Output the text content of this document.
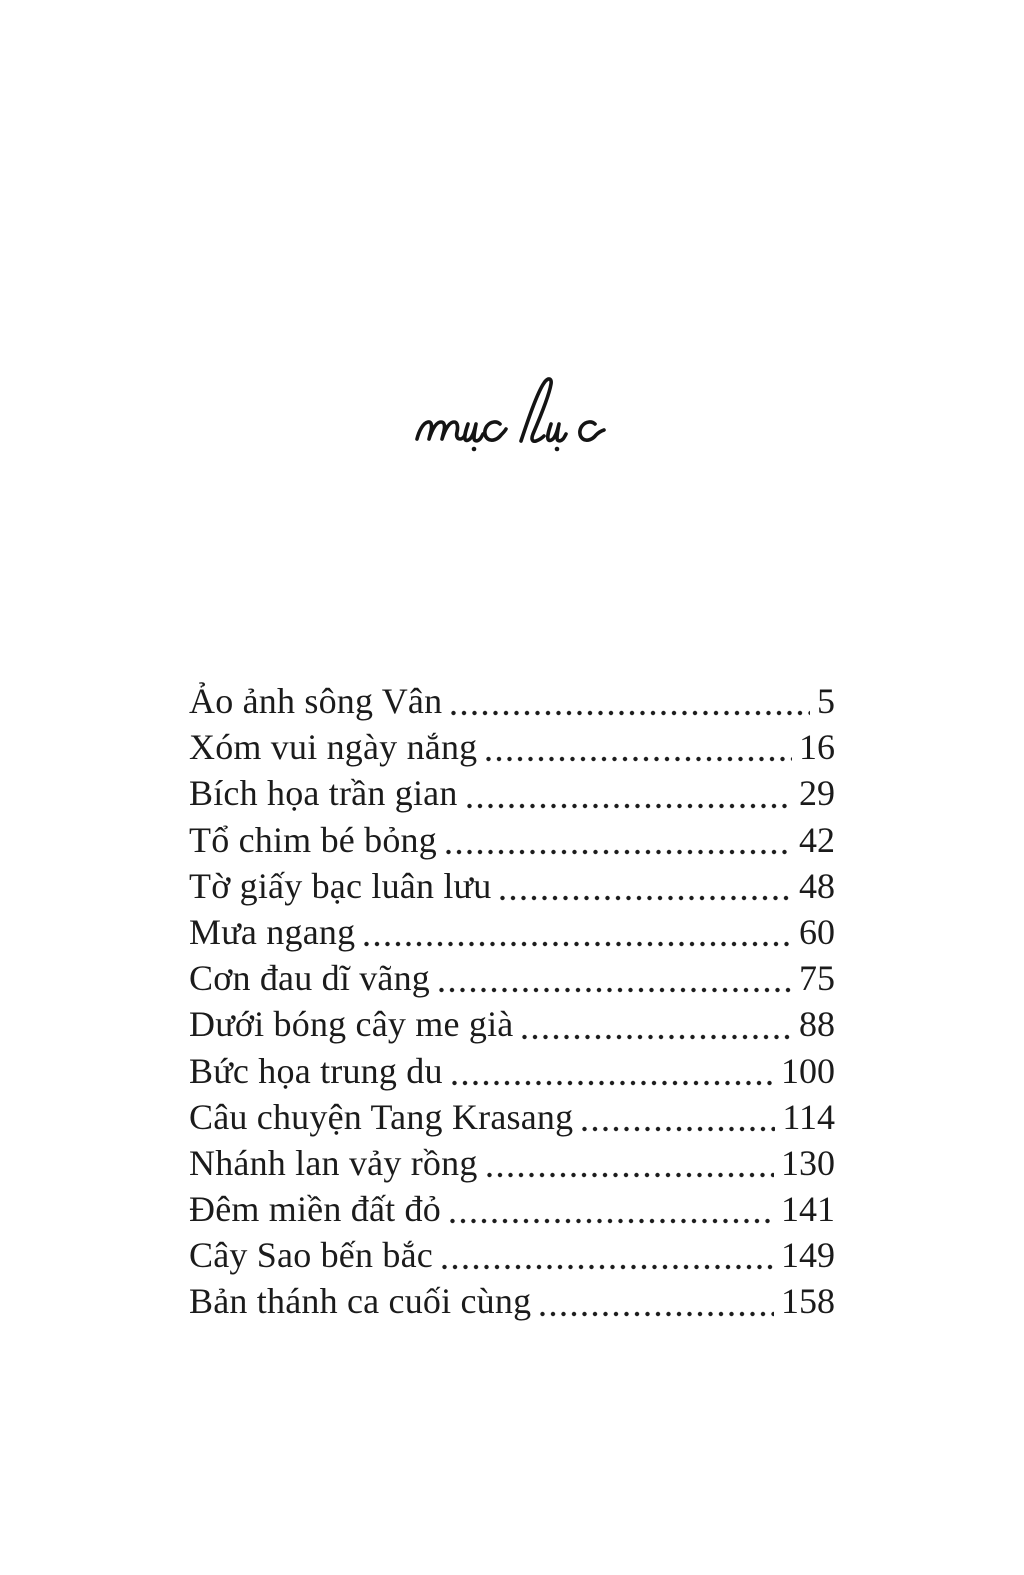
Ảo ảnh sông Vân	5
Xóm vui ngày nắng	16
Bích họa trần gian	29
Tổ chim bé bỏng	42
Tờ giấy bạc luân lưu	48
Mưa ngang	60
Cơn đau dĩ vãng	75
Dưới bóng cây me già	88
Bức họa trung du	100
Câu chuyện Tang Krasang	114
Nhánh lan vảy rồng	130
Đêm miền đất đỏ	141
Cây Sao bến bắc	149
Bản thánh ca cuối cùng	158
